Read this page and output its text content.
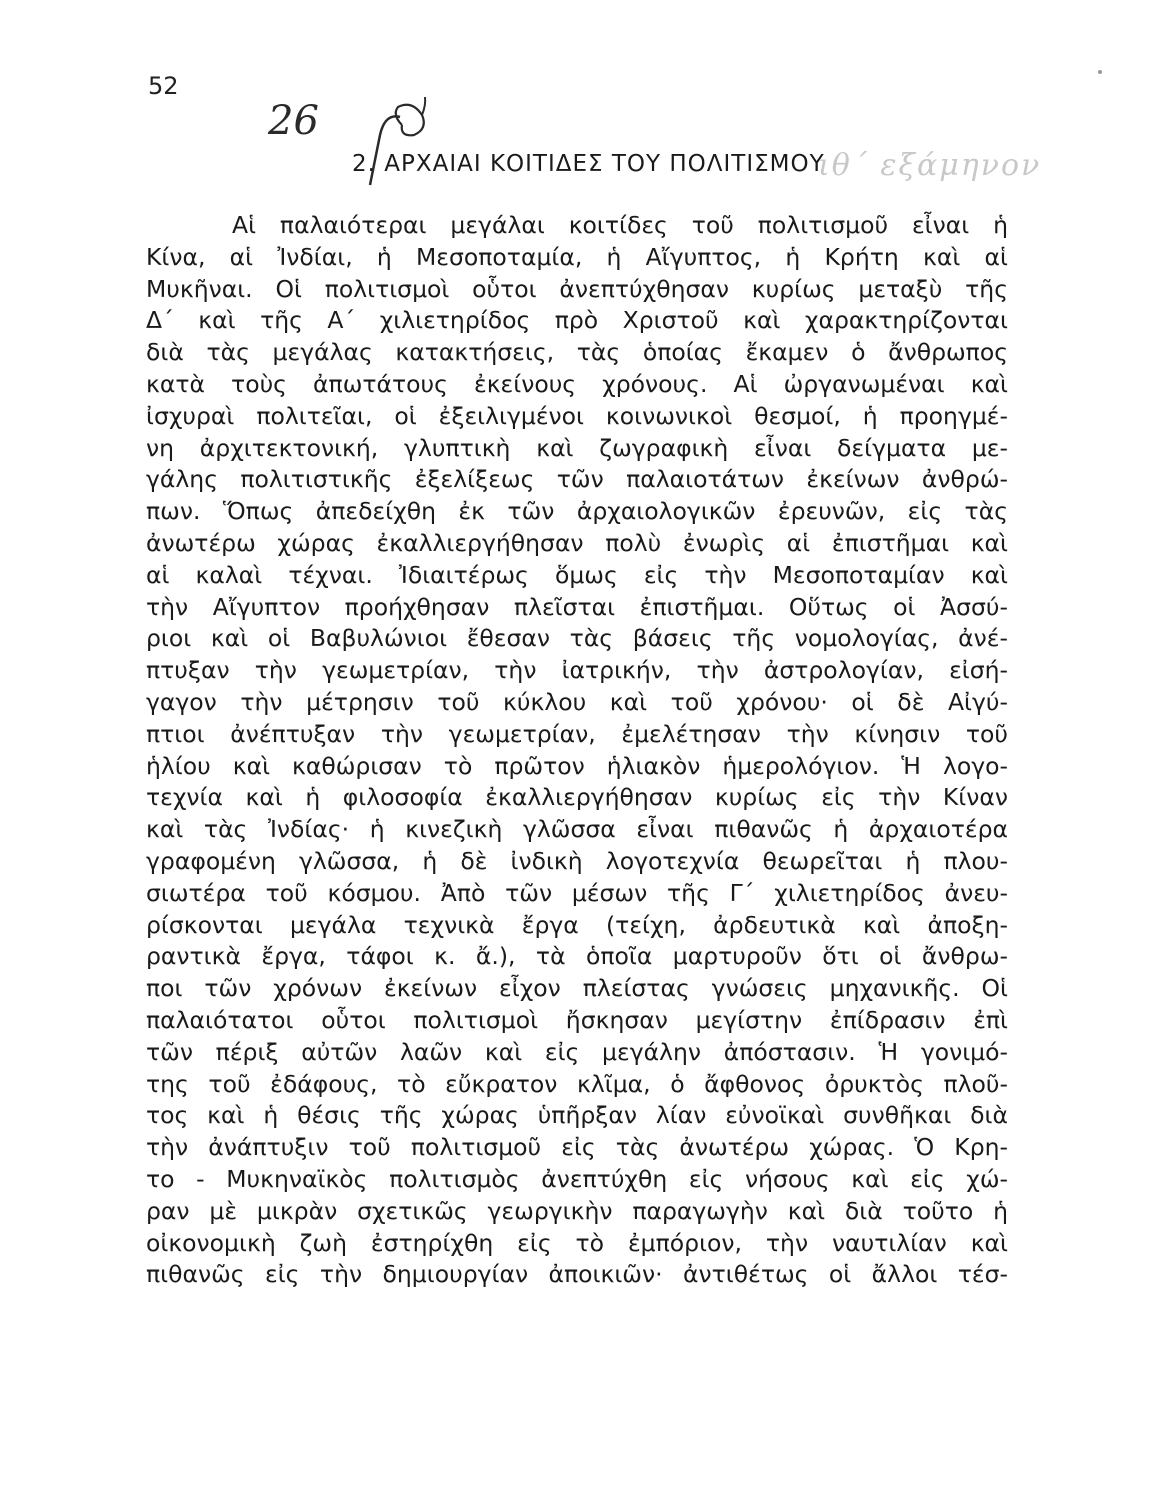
52
26
2. ΑΡΧΑΙΑΙ ΚΟΙΤΙΔΕΣ ΤΟΥ ΠΟΛΙΤΙΣΜΟΥ
ιθ΄ εξάμηνον
Αἱ παλαιότεραι μεγάλαι κοιτίδες τοῦ πολιτισμοῦ εἶναι ἡ
Κίνα, αἱ Ἰνδίαι, ἡ Μεσοποταμία, ἡ Αἴγυπτος, ἡ Κρήτη καὶ αἱ
Μυκῆναι. Οἱ πολιτισμοὶ οὗτοι ἀνεπτύχθησαν κυρίως μεταξὺ τῆς
Δ΄ καὶ τῆς Α΄ χιλιετηρίδος πρὸ Χριστοῦ καὶ χαρακτηρίζονται
διὰ τὰς μεγάλας κατακτήσεις, τὰς ὁποίας ἔκαμεν ὁ ἄνθρωπος
κατὰ τοὺς ἀπωτάτους ἐκείνους χρόνους. Αἱ ὠργανωμέναι καὶ
ἰσχυραὶ πολιτεῖαι, οἱ ἐξειλιγμένοι κοινωνικοὶ θεσμοί, ἡ προηγμέ-
νη ἀρχιτεκτονική, γλυπτικὴ καὶ ζωγραφικὴ εἶναι δείγματα με-
γάλης πολιτιστικῆς ἐξελίξεως τῶν παλαιοτάτων ἐκείνων ἀνθρώ-
πων. Ὅπως ἀπεδείχθη ἐκ τῶν ἀρχαιολογικῶν ἐρευνῶν, εἰς τὰς
ἀνωτέρω χώρας ἐκαλλιεργήθησαν πολὺ ἐνωρὶς αἱ ἐπιστῆμαι καὶ
αἱ καλαὶ τέχναι. Ἰδιαιτέρως ὅμως εἰς τὴν Μεσοποταμίαν καὶ
τὴν Αἴγυπτον προήχθησαν πλεῖσται ἐπιστῆμαι. Οὕτως οἱ Ἀσσύ-
ριοι καὶ οἱ Βαβυλώνιοι ἔθεσαν τὰς βάσεις τῆς νομολογίας, ἀνέ-
πτυξαν τὴν γεωμετρίαν, τὴν ἰατρικήν, τὴν ἀστρολογίαν, εἰσή-
γαγον τὴν μέτρησιν τοῦ κύκλου καὶ τοῦ χρόνου· οἱ δὲ Αἰγύ-
πτιοι ἀνέπτυξαν τὴν γεωμετρίαν, ἐμελέτησαν τὴν κίνησιν τοῦ
ἡλίου καὶ καθώρισαν τὸ πρῶτον ἡλιακὸν ἡμερολόγιον. Ἡ λογο-
τεχνία καὶ ἡ φιλοσοφία ἐκαλλιεργήθησαν κυρίως εἰς τὴν Κίναν
καὶ τὰς Ἰνδίας· ἡ κινεζικὴ γλῶσσα εἶναι πιθανῶς ἡ ἀρχαιοτέρα
γραφομένη γλῶσσα, ἡ δὲ ἰνδικὴ λογοτεχνία θεωρεῖται ἡ πλου-
σιωτέρα τοῦ κόσμου. Ἀπὸ τῶν μέσων τῆς Γ΄ χιλιετηρίδος ἀνευ-
ρίσκονται μεγάλα τεχνικὰ ἔργα (τείχη, ἀρδευτικὰ καὶ ἀποξη-
ραντικὰ ἔργα, τάφοι κ. ἄ.), τὰ ὁποῖα μαρτυροῦν ὅτι οἱ ἄνθρω-
ποι τῶν χρόνων ἐκείνων εἶχον πλείστας γνώσεις μηχανικῆς. Οἱ
παλαιότατοι οὗτοι πολιτισμοὶ ἤσκησαν μεγίστην ἐπίδρασιν ἐπὶ
τῶν πέριξ αὐτῶν λαῶν καὶ εἰς μεγάλην ἀπόστασιν. Ἡ γονιμό-
της τοῦ ἐδάφους, τὸ εὔκρατον κλῖμα, ὁ ἄφθονος ὀρυκτὸς πλοῦ-
τος καὶ ἡ θέσις τῆς χώρας ὑπῆρξαν λίαν εὐνοϊκαὶ συνθῆκαι διὰ
τὴν ἀνάπτυξιν τοῦ πολιτισμοῦ εἰς τὰς ἀνωτέρω χώρας. Ὁ Κρη-
το - Μυκηναϊκὸς πολιτισμὸς ἀνεπτύχθη εἰς νήσους καὶ εἰς χώ-
ραν μὲ μικρὰν σχετικῶς γεωργικὴν παραγωγὴν καὶ διὰ τοῦτο ἡ
οἰκονομικὴ ζωὴ ἐστηρίχθη εἰς τὸ ἐμπόριον, τὴν ναυτιλίαν καὶ
πιθανῶς εἰς τὴν δημιουργίαν ἀποικιῶν· ἀντιθέτως οἱ ἄλλοι τέσ-
